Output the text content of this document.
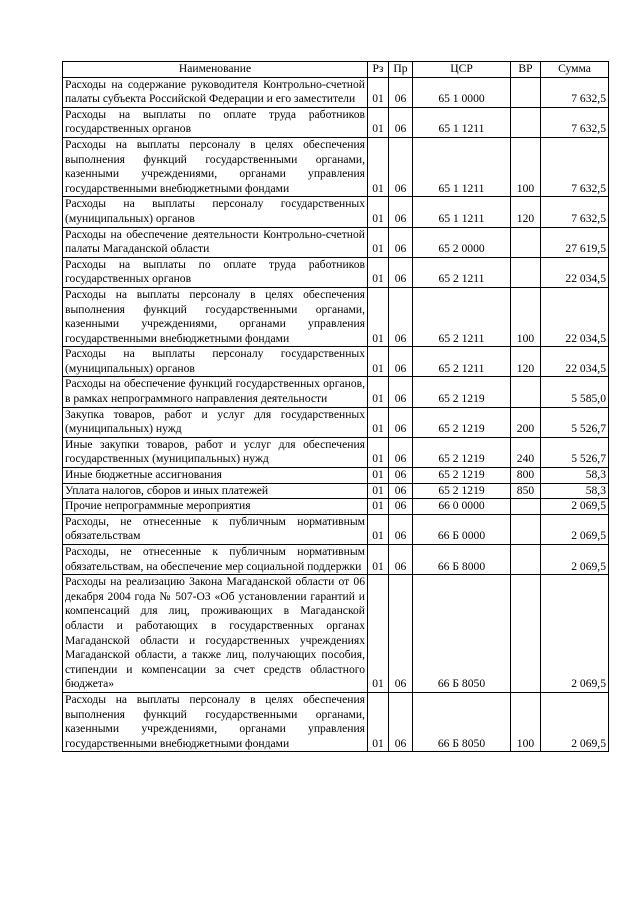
Наименование	Рз	Пр	ЦСР	ВР	Сумма
Расходы на содержание руководителя Контрольно-счетной палаты субъекта Российской Федерации и его заместители	01	06	65 1 0000		7 632,5
Расходы на выплаты по оплате труда работников государственных органов	01	06	65 1 1211		7 632,5
Расходы на выплаты персоналу в целях обеспечения выполнения функций государственными органами, казенными учреждениями, органами управления государственными внебюджетными фондами	01	06	65 1 1211	100	7 632,5
Расходы на выплаты персоналу государственных (муниципальных) органов	01	06	65 1 1211	120	7 632,5
Расходы на обеспечение деятельности Контрольно-счетной палаты Магаданской области	01	06	65 2 0000		27 619,5
Расходы на выплаты по оплате труда работников государственных органов	01	06	65 2 1211		22 034,5
Расходы на выплаты персоналу в целях обеспечения выполнения функций государственными органами, казенными учреждениями, органами управления государственными внебюджетными фондами	01	06	65 2 1211	100	22 034,5
Расходы на выплаты персоналу государственных (муниципальных) органов	01	06	65 2 1211	120	22 034,5
Расходы на обеспечение функций государственных органов, в рамках непрограммного направления деятельности	01	06	65 2 1219		5 585,0
Закупка товаров, работ и услуг для государственных (муниципальных) нужд	01	06	65 2 1219	200	5 526,7
Иные закупки товаров, работ и услуг для обеспечения государственных (муниципальных) нужд	01	06	65 2 1219	240	5 526,7
Иные бюджетные ассигнования	01	06	65 2 1219	800	58,3
Уплата налогов, сборов и иных платежей	01	06	65 2 1219	850	58,3
Прочие непрограммные мероприятия	01	06	66 0 0000		2 069,5
Расходы, не отнесенные к публичным нормативным обязательствам	01	06	66 Б 0000		2 069,5
Расходы, не отнесенные к публичным нормативным обязательствам, на обеспечение мер социальной поддержки	01	06	66 Б 8000		2 069,5
Расходы на реализацию Закона Магаданской области от 06 декабря 2004 года № 507-ОЗ «Об установлении гарантий и компенсаций для лиц, проживающих в Магаданской области и работающих в государственных органах Магаданской области и государственных учреждениях Магаданской области, а также лиц, получающих пособия, стипендии и компенсации за счет средств областного бюджета»	01	06	66 Б 8050		2 069,5
Расходы на выплаты персоналу в целях обеспечения выполнения функций государственными органами, казенными учреждениями, органами управления государственными внебюджетными фондами	01	06	66 Б 8050	100	2 069,5
